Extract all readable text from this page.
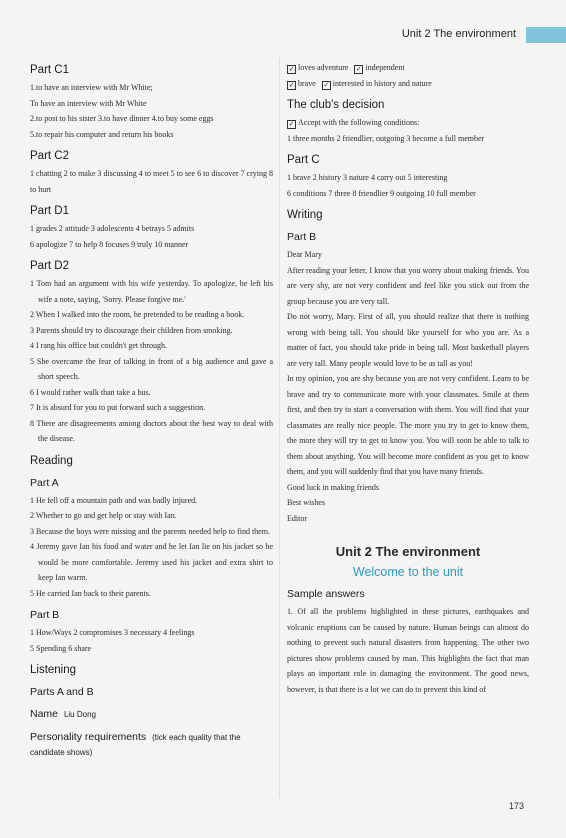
Unit 2 The environment
Part C1

1.to have an interview with Mr White;

To have an interview with Mr White

2.to post to his sister 3.to have dinner 4.to buy some eggs

5.to repair his computer and return his books

Part C2

1 chatting 2 to make 3 discussing 4 to meet 5 to see 6 to discover 7 crying 8 to hurt

Part D1

1 grades 2 attitude 3 adolescents 4 betrays 5 admits

6 apologize 7 to help 8 focuses 9 truly 10 manner

Part D2

1 Tom had an argument with his wife yesterday. To apologize, he left his wife a note, saying, 'Sorry. Please forgive me.'

2 When I walked into the room, he pretended to be reading a book.

3 Parents should try to discourage their children from smoking.

4 I rang his office but couldn't get through.

5 She overcame the fear of talking in front of a big audience and gave a short speech.

6 I would rather walk than take a bus.

7 It is absurd for you to put forward such a suggestion.

8 There are disagreements among doctors about the best way to deal with the disease.

Reading
Part A

1 He fell off a mountain path and was badly injured.

2 Whether to go and get help or stay with Ian.

3 Because the boys were missing and the parents needed help to find them.

4 Jeremy gave Ian his food and water and he let Ian lie on his jacket so he would be more comfortable. Jeremy used his jacket and extra shirt to keep Ian warm.

5 He carried Ian back to their parents.

Part B

1 How/Ways 2 compromises 3 necessary 4 feelings

5 Spending 6 share

Listening
Parts A and B
Name Liu Dong
Personality requirements (tick each quality that the candidate shows)

✓ loves adventure ✓ independent

✓ brave ✓ interested in history and nature

The club's decision

✓ Accept with the following conditions:

1 three months 2 friendlier, outgoing 3 become a full member

Part C

1 brave 2 history 3 nature 4 carry out 5 interesting

6 conditions 7 three 8 friendlier 9 outgoing 10 full member

Writing
Part B

Dear Mary

After reading your letter, I know that you worry about making friends. You are very shy, are not very confident and feel like you stick out from the group because you are very tall.

Do not worry, Mary. First of all, you should realize that there is nothing wrong with being tall. You should like yourself for who you are. As a matter of fact, you should take pride in being tall. Most basketball players are very tall. Many people would love to be as tall as you!

In my opinion, you are shy because you are not very confident. Learn to be brave and try to communicate more with your classmates. Smile at them first, and then try to start a conversation with them. You will find that your classmates are really nice people. The more you try to get to know them, the more they will try to get to know you. You will soon be able to talk to them about anything. You will become more confident as you get to know them, and you will suddenly find that you have many friends.

Good luck in making friends

Best wishes

Editor

Unit 2 The environment
Welcome to the unit
Sample answers

1. Of all the problems highlighted in these pictures, earthquakes and volcanic eruptions can be caused by nature. Human beings can almost do nothing to prevent such natural disasters from happening. The other two pictures show problems caused by man. This highlights the fact that man plays an important role in damaging the environment. The good news, however, is that there is a lot we can do to prevent this kind of

173
